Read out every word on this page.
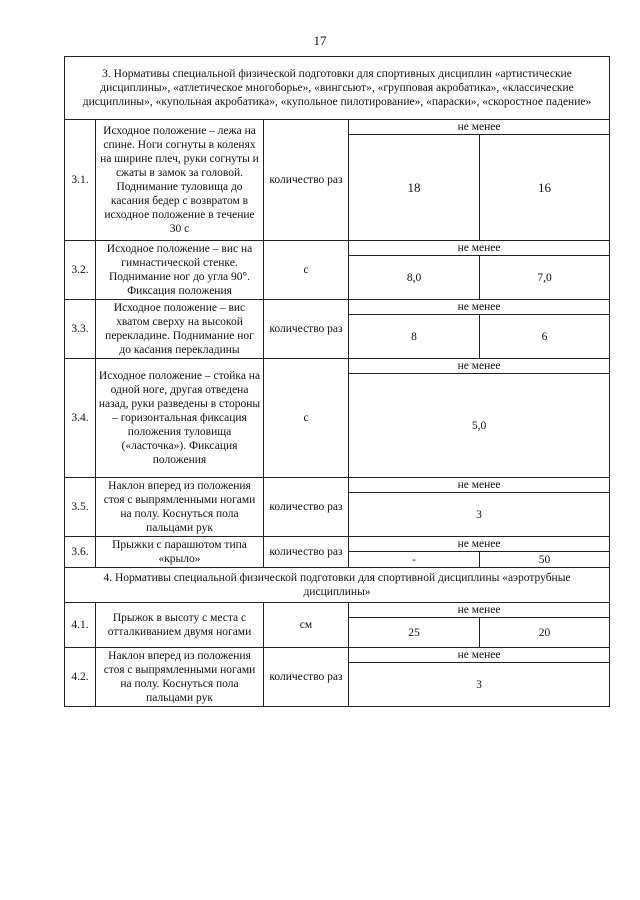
17
3. Нормативы специальной физической подготовки для спортивных дисциплин «артистические дисциплины», «атлетическое многоборье», «вингсьют», «групповая акробатика», «классические дисциплины», «купольная акробатика», «купольное пилотирование», «параски», «скоростное падение»				
3.1.	Исходное положение – лежа на спине. Ноги согнуты в коленях на ширине плеч, руки согнуты и сжаты в замок за головой. Поднимание туловища до касания бедер с возвратом в исходное положение в течение 30 с	количество раз	не менее	
			18	16
3.2.	Исходное положение – вис на гимнастической стенке. Поднимание ног до угла 90°. Фиксация положения	с	не менее	
			8,0	7,0
3.3.	Исходное положение – вис хватом сверху на высокой перекладине. Поднимание ног до касания перекладины	количество раз	не менее	
			8	6
3.4.	Исходное положение – стойка на одной ноге, другая отведена назад, руки разведены в стороны – горизонтальная фиксация положения туловища («ласточка»). Фиксация положения	с	не менее	
			5,0	
3.5.	Наклон вперед из положения стоя с выпрямленными ногами на полу. Коснуться пола пальцами рук	количество раз	не менее	
			3	
3.6.	Прыжки с парашютом типа «крыло»	количество раз	не менее	
			-	50
4. Нормативы специальной физической подготовки для спортивной дисциплины «аэротрубные дисциплины»				
4.1.	Прыжок в высоту с места с отталкиванием двумя ногами	см	не менее	
			25	20
4.2.	Наклон вперед из положения стоя с выпрямленными ногами на полу. Коснуться пола пальцами рук	количество раз	не менее	
			3	
